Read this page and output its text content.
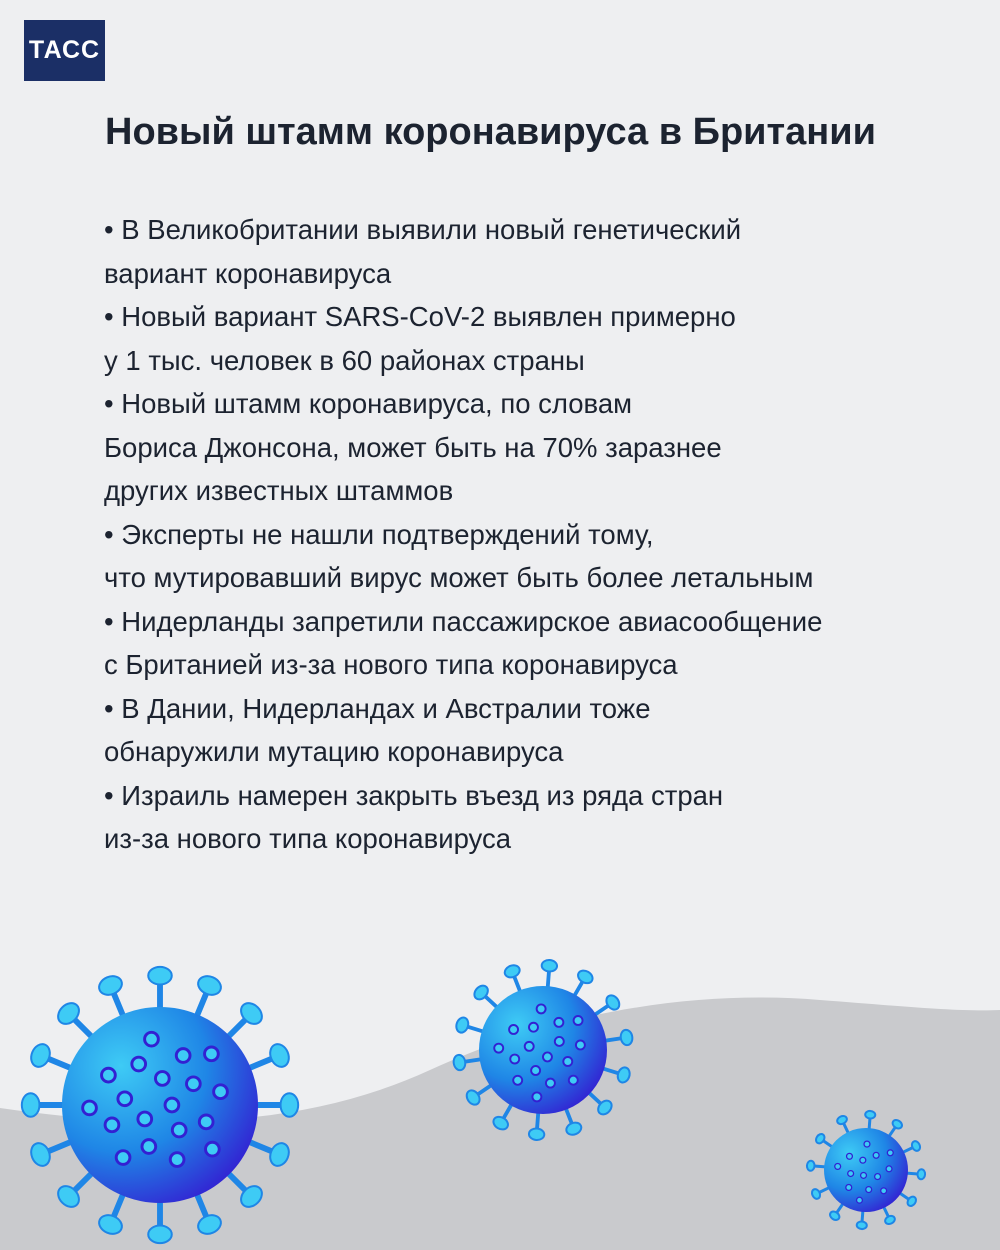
ТАСС
Новый штамм коронавируса в Британии

• В Великобритании выявили новый генетический
вариант коронавируса

• Новый вариант SARS-CoV-2 выявлен примерно
у 1 тыс. человек в 60 районах страны

• Новый штамм коронавируса, по словам
Бориса Джонсона, может быть на 70% заразнее
других известных штаммов

• Эксперты не нашли подтверждений тому,
что мутировавший вирус может быть более летальным

• Нидерланды запретили пассажирское авиасообщение
с Британией из-за нового типа коронавируса

• В Дании, Нидерландах и Австралии тоже
обнаружили мутацию коронавируса

• Израиль намерен закрыть въезд из ряда стран
из-за нового типа коронавируса
